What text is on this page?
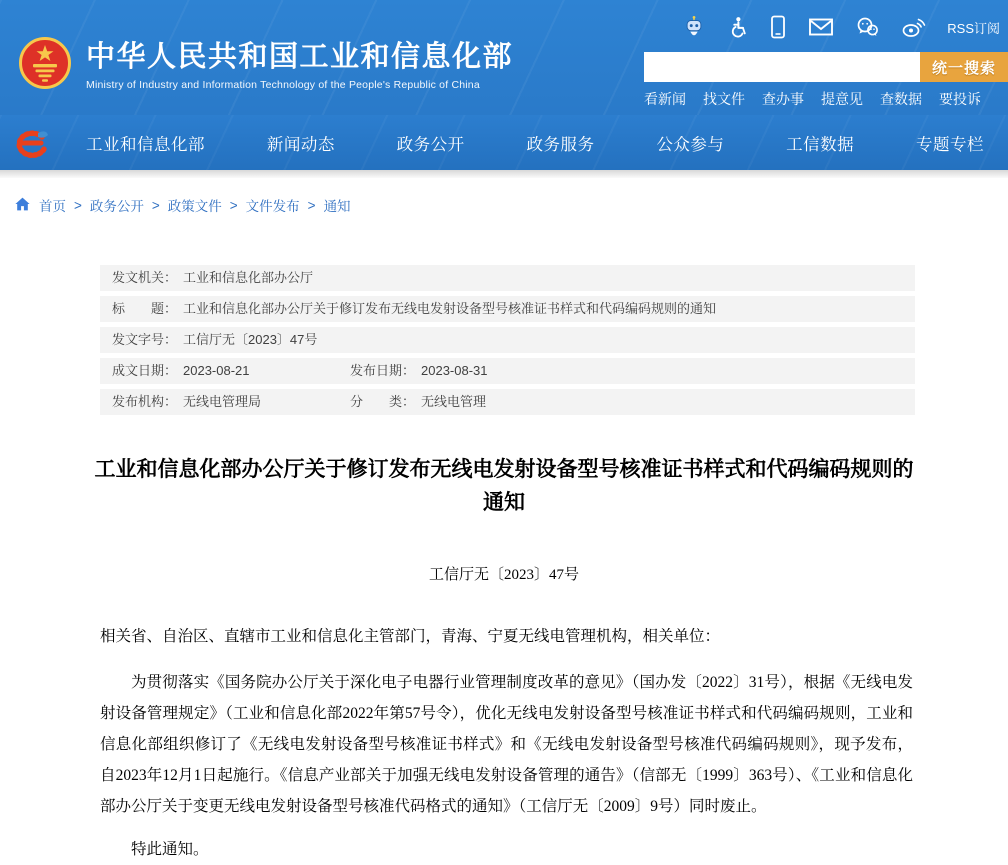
RSS订阅
中华人民共和国工业和信息化部
Ministry of Industry and Information Technology of the People's Republic of China
统一搜索
看新闻 找文件 查办事 提意见 查数据 要投诉
工业和信息化部	新闻动态	政务公开	政务服务	公众参与	工信数据	专题专栏
首页 > 政务公开 > 政策文件 > 文件发布 > 通知
发文机关： 工业和信息化部办公厅
标　　题： 工业和信息化部办公厅关于修订发布无线电发射设备型号核准证书样式和代码编码规则的通知
发文字号： 工信厅无〔2023〕47号
成文日期： 2023-08-21	发布日期： 2023-08-31
发布机构： 无线电管理局	分　　类： 无线电管理
工业和信息化部办公厅关于修订发布无线电发射设备型号核准证书样式和代码编码规则的通知
工信厅无〔2023〕47号
相关省、自治区、直辖市工业和信息化主管部门，青海、宁夏无线电管理机构，相关单位：

为贯彻落实《国务院办公厅关于深化电子电器行业管理制度改革的意见》（国办发〔2022〕31号），根据《无线电发射设备管理规定》（工业和信息化部2022年第57号令），优化无线电发射设备型号核准证书样式和代码编码规则，工业和信息化部组织修订了《无线电发射设备型号核准证书样式》和《无线电发射设备型号核准代码编码规则》，现予发布，自2023年12月1日起施行。《信息产业部关于加强无线电发射设备管理的通告》（信部无〔1999〕363号）、《工业和信息化部办公厅关于变更无线电发射设备型号核准代码格式的通知》（工信厅无〔2009〕9号）同时废止。

特此通知。
